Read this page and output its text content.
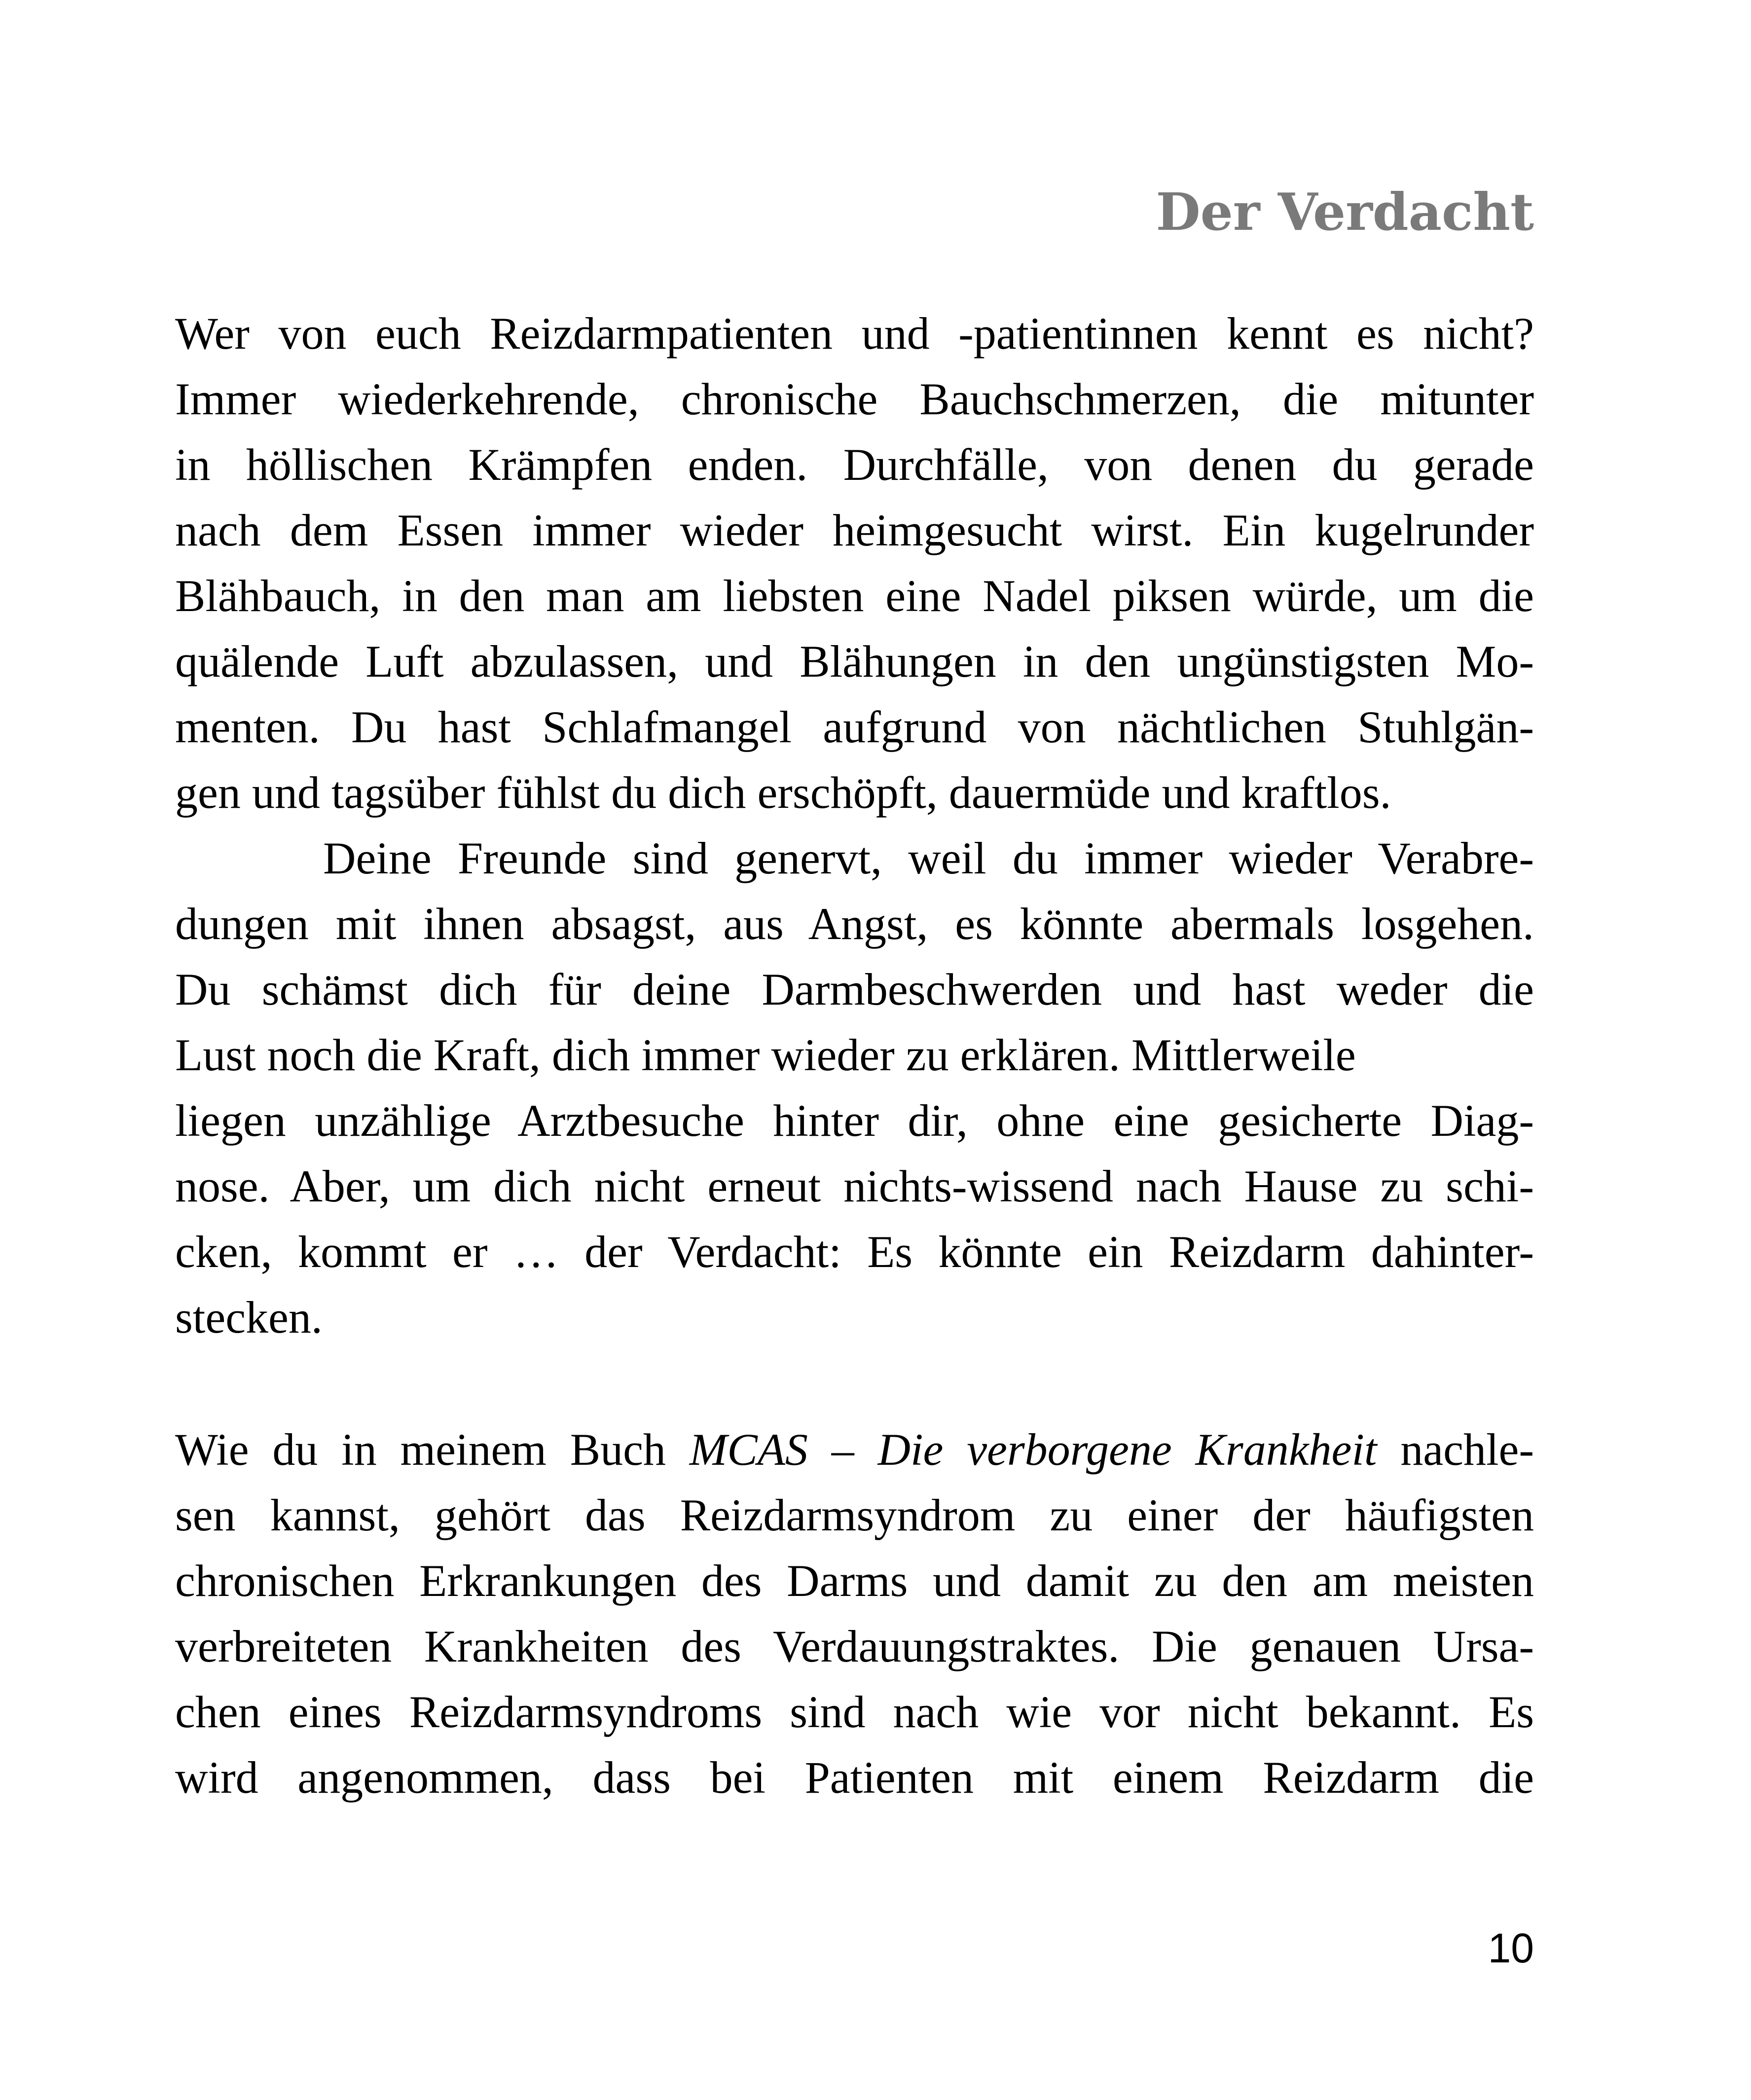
Der Verdacht
Wer von euch Reizdarmpatienten und -patientinnen kennt es nicht?
Immer wiederkehrende, chronische Bauchschmerzen, die mitunter
in höllischen Krämpfen enden. Durchfälle, von denen du gerade
nach dem Essen immer wieder heimgesucht wirst. Ein kugelrunder
Blähbauch, in den man am liebsten eine Nadel piksen würde, um die
quälende Luft abzulassen, und Blähungen in den ungünstigsten Mo-
menten. Du hast Schlafmangel aufgrund von nächtlichen Stuhlgän-
gen und tagsüber fühlst du dich erschöpft, dauermüde und kraftlos.
Deine Freunde sind genervt, weil du immer wieder Verabre-
dungen mit ihnen absagst, aus Angst, es könnte abermals losgehen.
Du schämst dich für deine Darmbeschwerden und hast weder die
Lust noch die Kraft, dich immer wieder zu erklären. Mittlerweile
liegen unzählige Arztbesuche hinter dir, ohne eine gesicherte Diag-
nose. Aber, um dich nicht erneut nichts-wissend nach Hause zu schi-
cken, kommt er … der Verdacht: Es könnte ein Reizdarm dahinter-
stecken.
Wie du in meinem Buch MCAS – Die verborgene Krankheit nachle-
sen kannst, gehört das Reizdarmsyndrom zu einer der häufigsten
chronischen Erkrankungen des Darms und damit zu den am meisten
verbreiteten Krankheiten des Verdauungstraktes. Die genauen Ursa-
chen eines Reizdarmsyndroms sind nach wie vor nicht bekannt. Es
wird angenommen, dass bei Patienten mit einem Reizdarm die
10
